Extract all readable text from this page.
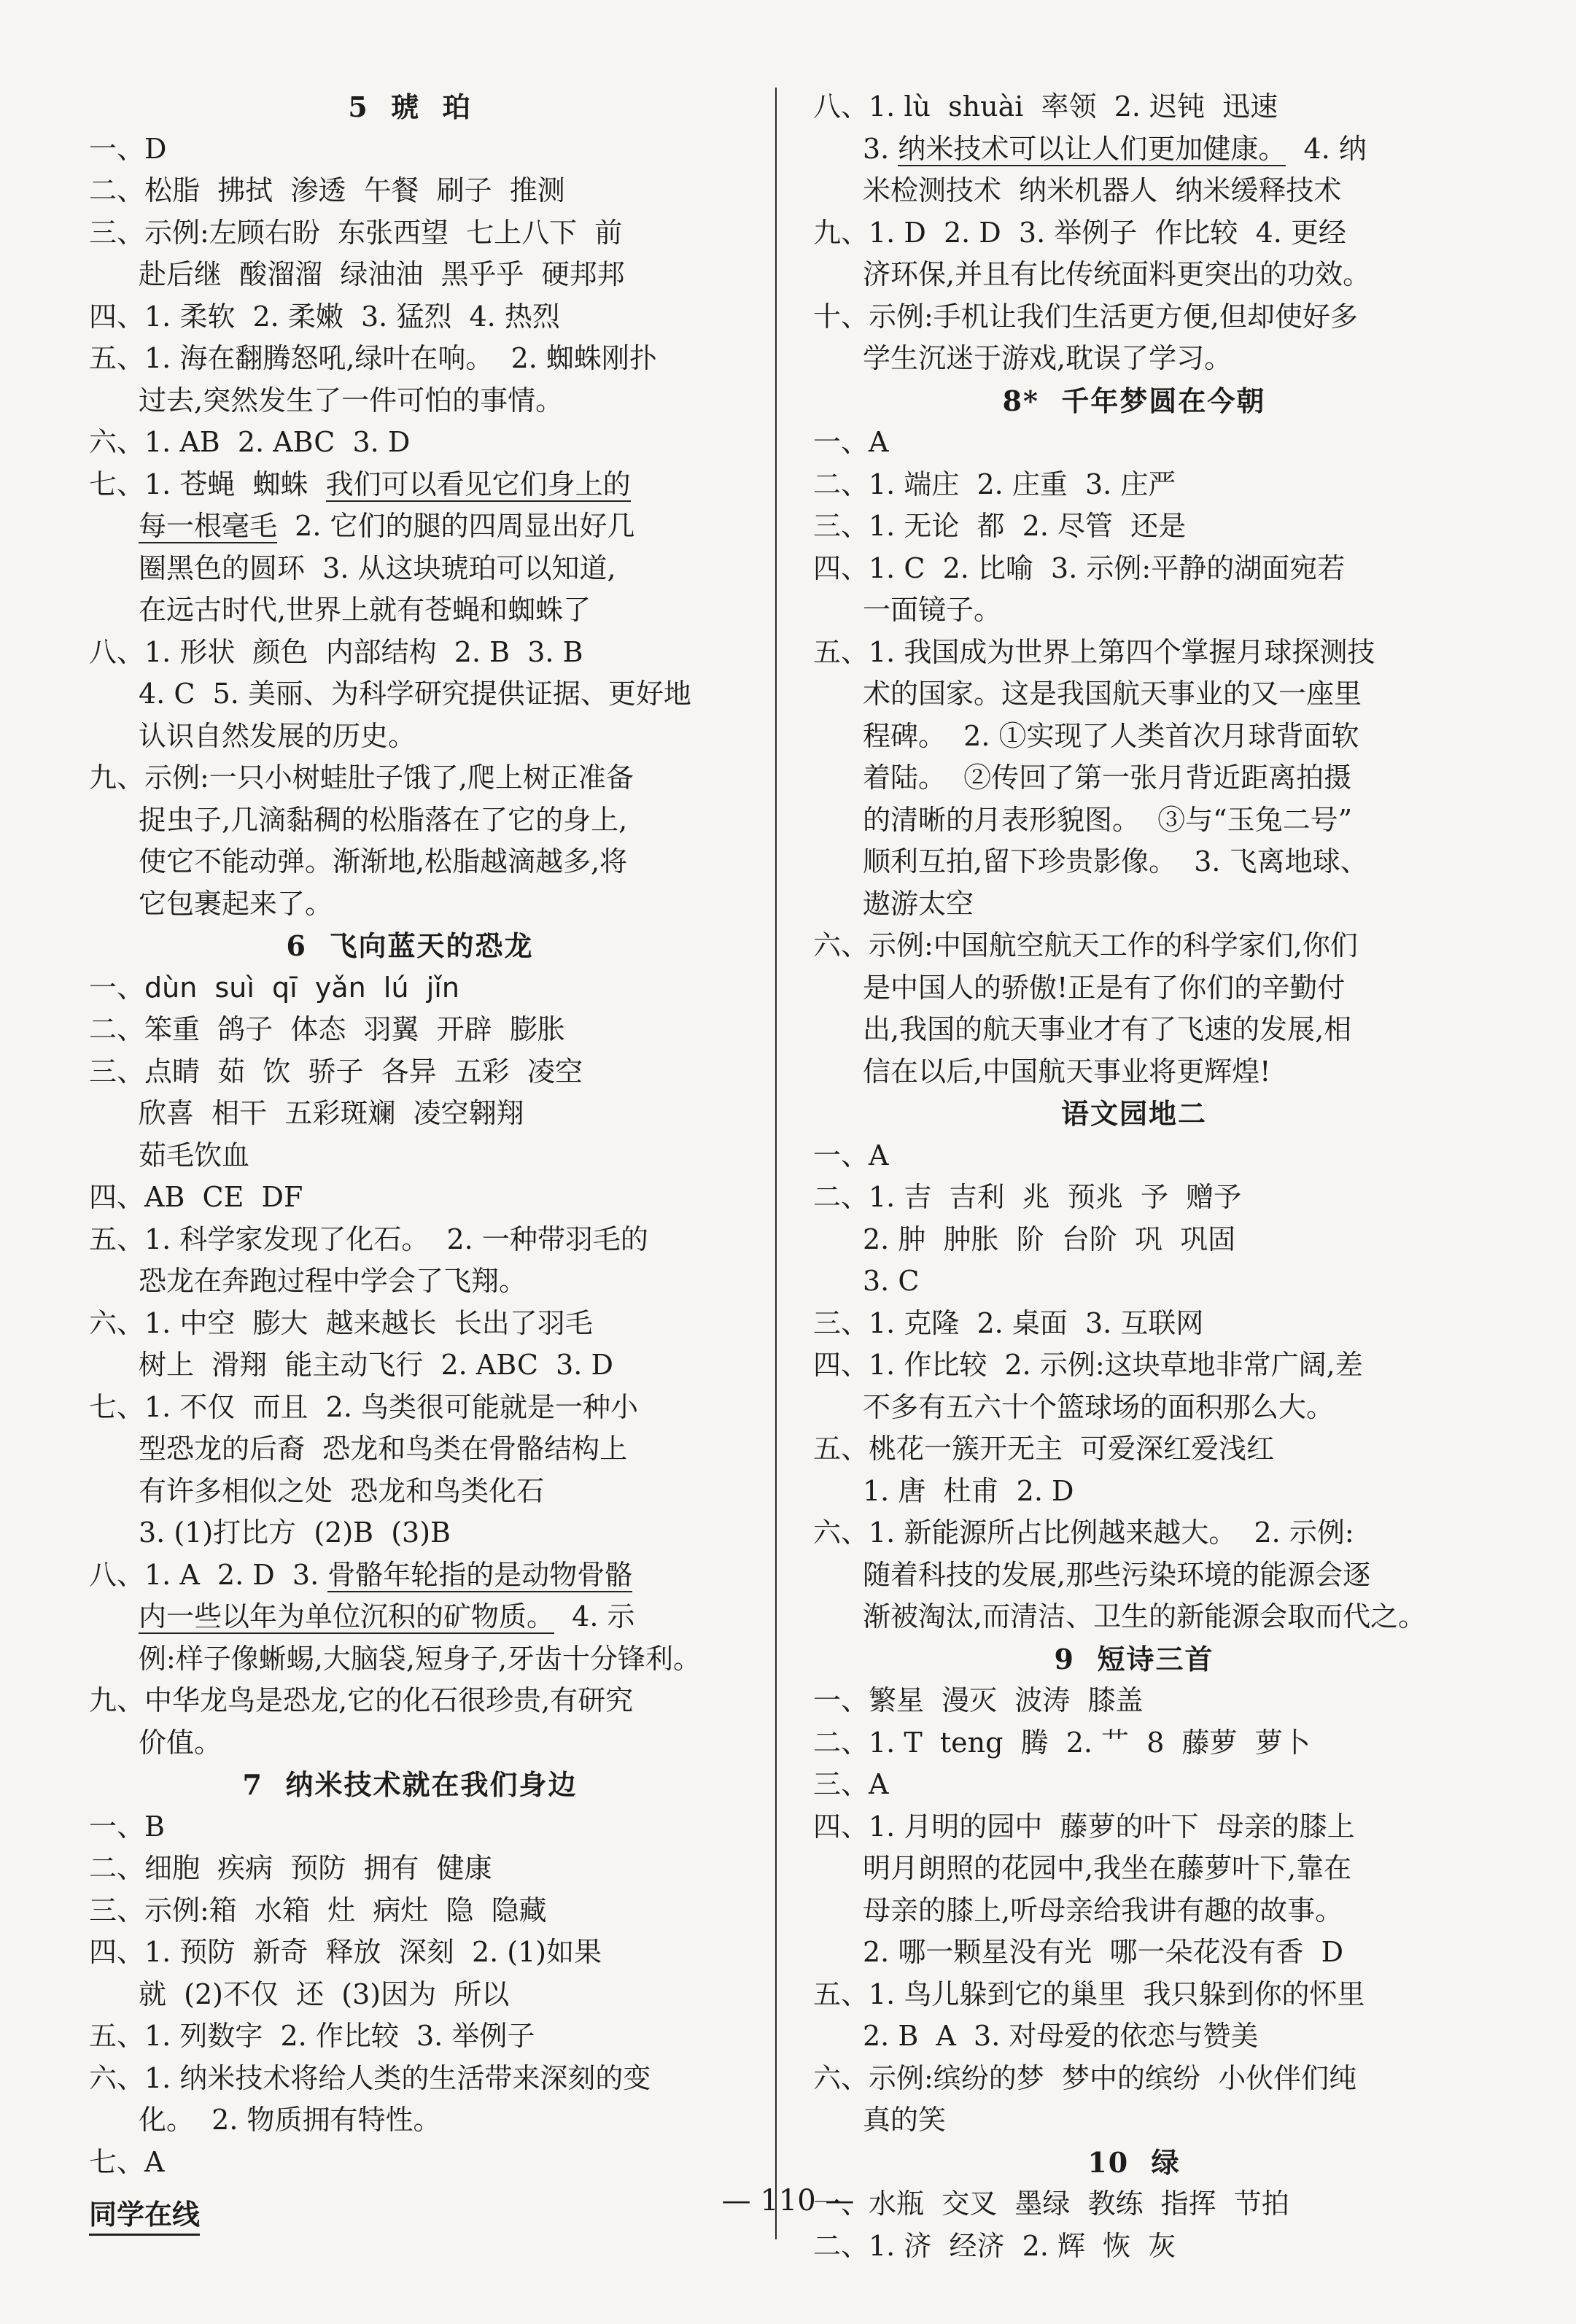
5  琥  珀
一、D
二、松脂  拂拭  渗透  午餐  刷子  推测
三、示例:左顾右盼  东张西望  七上八下  前
赴后继  酸溜溜  绿油油  黑乎乎  硬邦邦
四、1. 柔软  2. 柔嫩  3. 猛烈  4. 热烈
五、1. 海在翻腾怒吼,绿叶在响。  2. 蜘蛛刚扑
过去,突然发生了一件可怕的事情。
六、1. AB  2. ABC  3. D
七、1. 苍蝇  蜘蛛  我们可以看见它们身上的
每一根毫毛  2. 它们的腿的四周显出好几
圈黑色的圆环  3. 从这块琥珀可以知道,
在远古时代,世界上就有苍蝇和蜘蛛了
八、1. 形状  颜色  内部结构  2. B  3. B
4. C  5. 美丽、为科学研究提供证据、更好地
认识自然发展的历史。
九、示例:一只小树蛙肚子饿了,爬上树正准备
捉虫子,几滴黏稠的松脂落在了它的身上,
使它不能动弹。渐渐地,松脂越滴越多,将
它包裹起来了。
6  飞向蓝天的恐龙
一、dùn  suì  qī  yǎn  lú  jǐn
二、笨重  鸽子  体态  羽翼  开辟  膨胀
三、点睛  茹  饮  骄子  各异  五彩  凌空
欣喜  相干  五彩斑斓  凌空翱翔
茹毛饮血
四、AB  CE  DF
五、1. 科学家发现了化石。  2. 一种带羽毛的
恐龙在奔跑过程中学会了飞翔。
六、1. 中空  膨大  越来越长  长出了羽毛
树上  滑翔  能主动飞行  2. ABC  3. D
七、1. 不仅  而且  2. 鸟类很可能就是一种小
型恐龙的后裔  恐龙和鸟类在骨骼结构上
有许多相似之处  恐龙和鸟类化石
3. (1)打比方  (2)B  (3)B
八、1. A  2. D  3. 骨骼年轮指的是动物骨骼
内一些以年为单位沉积的矿物质。  4. 示
例:样子像蜥蜴,大脑袋,短身子,牙齿十分锋利。
九、中华龙鸟是恐龙,它的化石很珍贵,有研究
价值。
7  纳米技术就在我们身边
一、B
二、细胞  疾病  预防  拥有  健康
三、示例:箱  水箱  灶  病灶  隐  隐藏
四、1. 预防  新奇  释放  深刻  2. (1)如果
就  (2)不仅  还  (3)因为  所以
五、1. 列数字  2. 作比较  3. 举例子
六、1. 纳米技术将给人类的生活带来深刻的变
化。  2. 物质拥有特性。
七、A
八、1. lù  shuài  率领  2. 迟钝  迅速
3. 纳米技术可以让人们更加健康。  4. 纳
米检测技术  纳米机器人  纳米缓释技术
九、1. D  2. D  3. 举例子  作比较  4. 更经
济环保,并且有比传统面料更突出的功效。
十、示例:手机让我们生活更方便,但却使好多
学生沉迷于游戏,耽误了学习。
8*  千年梦圆在今朝
一、A
二、1. 端庄  2. 庄重  3. 庄严
三、1. 无论  都  2. 尽管  还是
四、1. C  2. 比喻  3. 示例:平静的湖面宛若
一面镜子。
五、1. 我国成为世界上第四个掌握月球探测技
术的国家。这是我国航天事业的又一座里
程碑。  2. ①实现了人类首次月球背面软
着陆。  ②传回了第一张月背近距离拍摄
的清晰的月表形貌图。  ③与“玉兔二号”
顺利互拍,留下珍贵影像。  3. 飞离地球、
遨游太空
六、示例:中国航空航天工作的科学家们,你们
是中国人的骄傲!正是有了你们的辛勤付
出,我国的航天事业才有了飞速的发展,相
信在以后,中国航天事业将更辉煌!
语文园地二
一、A
二、1. 吉  吉利  兆  预兆  予  赠予
2. 肿  肿胀  阶  台阶  巩  巩固
3. C
三、1. 克隆  2. 桌面  3. 互联网
四、1. 作比较  2. 示例:这块草地非常广阔,差
不多有五六十个篮球场的面积那么大。
五、桃花一簇开无主  可爱深红爱浅红
1. 唐  杜甫  2. D
六、1. 新能源所占比例越来越大。  2. 示例:
随着科技的发展,那些污染环境的能源会逐
渐被淘汰,而清洁、卫生的新能源会取而代之。
9  短诗三首
一、繁星  漫灭  波涛  膝盖
二、1. T  teng  腾  2. 艹  8  藤萝  萝卜
三、A
四、1. 月明的园中  藤萝的叶下  母亲的膝上
明月朗照的花园中,我坐在藤萝叶下,靠在
母亲的膝上,听母亲给我讲有趣的故事。
2. 哪一颗星没有光  哪一朵花没有香  D
五、1. 鸟儿躲到它的巢里  我只躲到你的怀里
2. B  A  3. 对母爱的依恋与赞美
六、示例:缤纷的梦  梦中的缤纷  小伙伴们纯
真的笑
10  绿
一、水瓶  交叉  墨绿  教练  指挥  节拍
二、1. 济  经济  2. 辉  恢  灰
同学在线	— 110 —
